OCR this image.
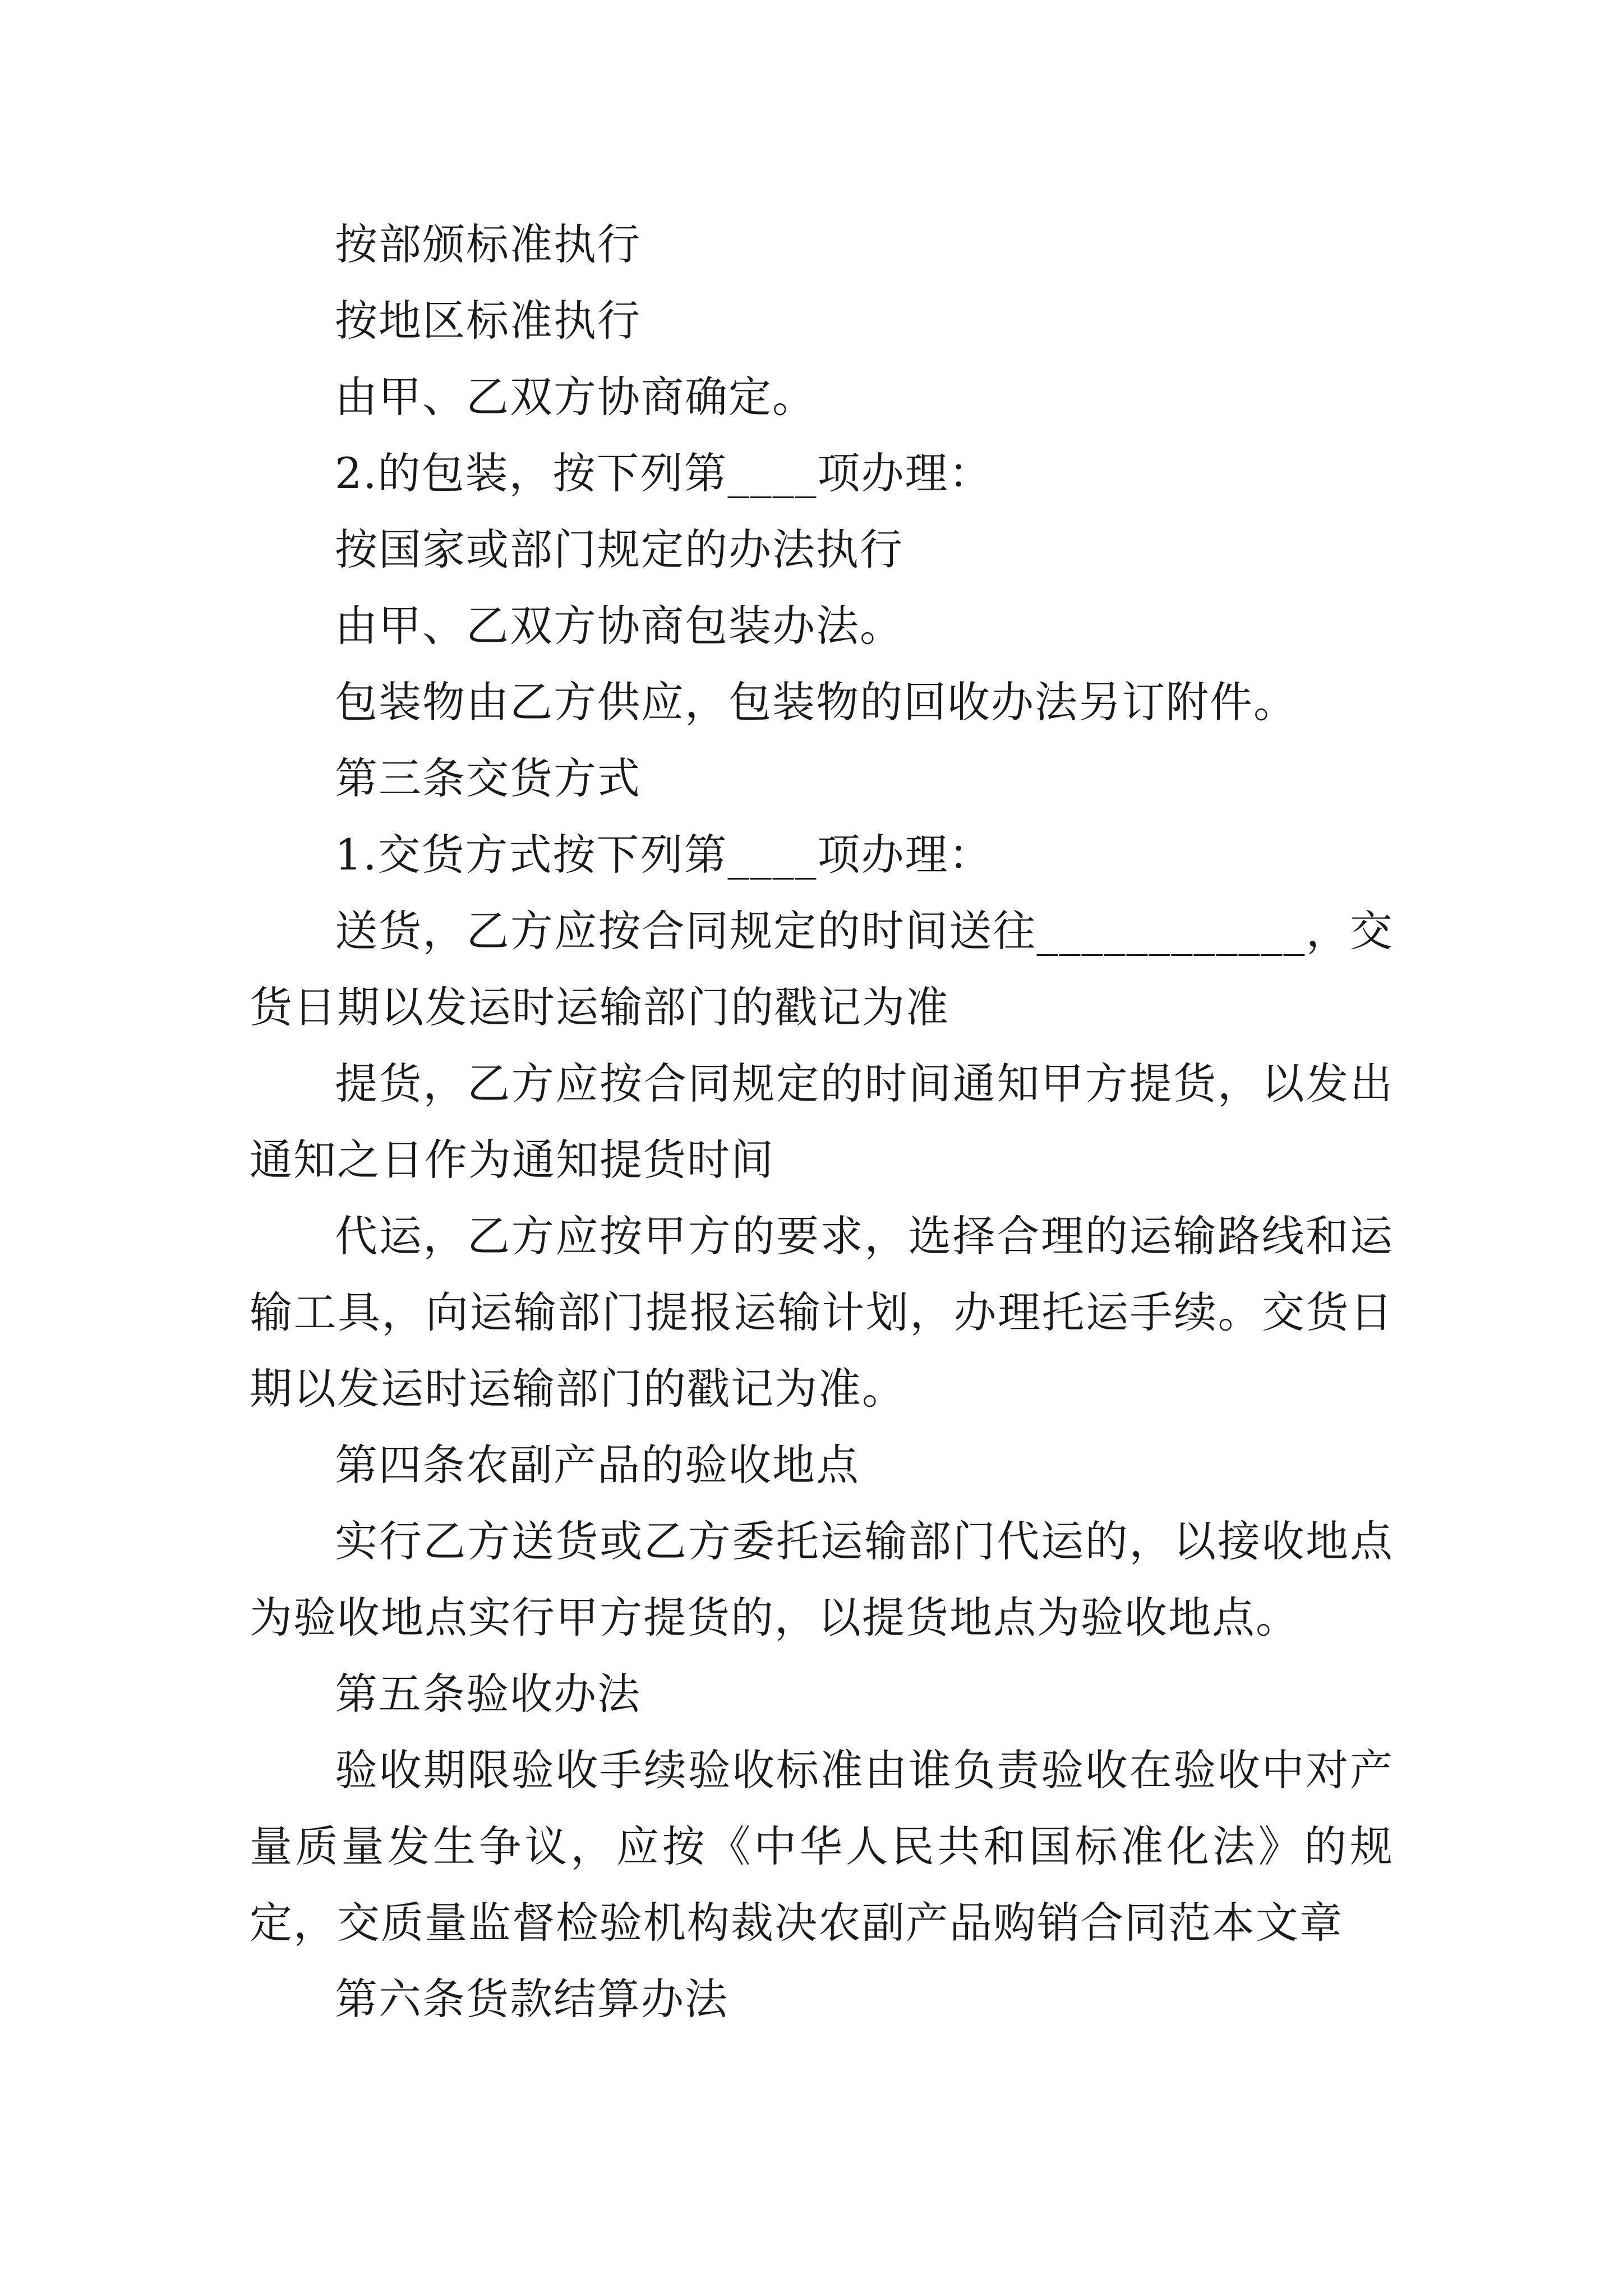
按部颁标准执行

按地区标准执行

由甲、乙双方协商确定。

2.的包装，按下列第____项办理：

按国家或部门规定的办法执行

由甲、乙双方协商包装办法。

包装物由乙方供应，包装物的回收办法另订附件。

第三条交货方式

1.交货方式按下列第____项办理：

送货，乙方应按合同规定的时间送往____________，交货日期以发运时运输部门的戳记为准

提货，乙方应按合同规定的时间通知甲方提货，以发出通知之日作为通知提货时间

代运，乙方应按甲方的要求，选择合理的运输路线和运输工具，向运输部门提报运输计划，办理托运手续。交货日期以发运时运输部门的戳记为准。

第四条农副产品的验收地点

实行乙方送货或乙方委托运输部门代运的，以接收地点为验收地点实行甲方提货的，以提货地点为验收地点。

第五条验收办法

验收期限验收手续验收标准由谁负责验收在验收中对产量质量发生争议，应按《中华人民共和国标准化法》的规定，交质量监督检验机构裁决农副产品购销合同范本文章

第六条货款结算办法
